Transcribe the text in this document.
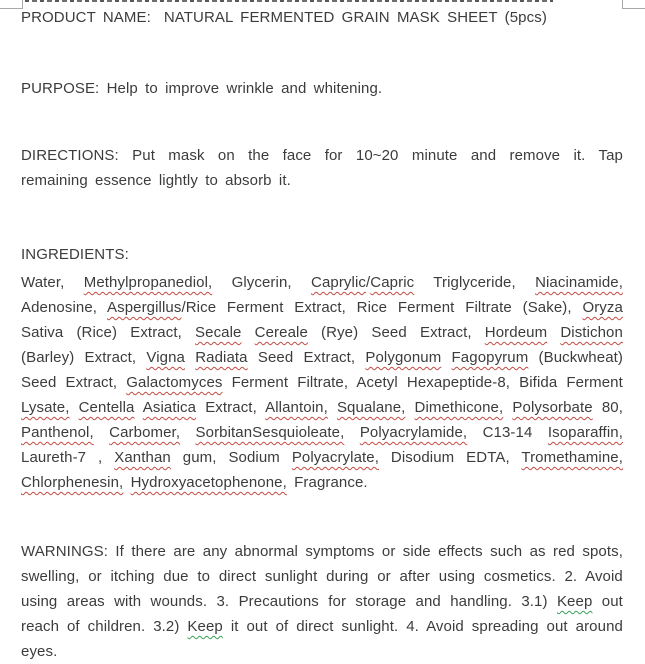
PRODUCT NAME: NATURAL FERMENTED GRAIN MASK SHEET (5pcs)

PURPOSE: Help to improve wrinkle and whitening.

DIRECTIONS: Put mask on the face for 10~20 minute and remove it. Tap remaining essence lightly to absorb it.

INGREDIENTS:

Water, Methylpropanediol, Glycerin, Caprylic/Capric Triglyceride, Niacinamide, Adenosine, Aspergillus/Rice Ferment Extract, Rice Ferment Filtrate (Sake), Oryza Sativa (Rice) Extract, Secale Cereale (Rye) Seed Extract, Hordeum Distichon (Barley) Extract, Vigna Radiata Seed Extract, Polygonum Fagopyrum (Buckwheat) Seed Extract, Galactomyces Ferment Filtrate, Acetyl Hexapeptide-8, Bifida Ferment Lysate, Centella Asiatica Extract, Allantoin, Squalane, Dimethicone, Polysorbate 80, Panthenol, Carbomer, SorbitanSesquioleate, Polyacrylamide, C13-14 Isoparaffin, Laureth-7 , Xanthan gum, Sodium Polyacrylate, Disodium EDTA, Tromethamine, Chlorphenesin, Hydroxyacetophenone, Fragrance.

WARNINGS: If there are any abnormal symptoms or side effects such as red spots, swelling, or itching due to direct sunlight during or after using cosmetics. 2. Avoid using areas with wounds. 3. Precautions for storage and handling. 3.1) Keep out reach of children. 3.2) Keep it out of direct sunlight. 4. Avoid spreading out around eyes.
